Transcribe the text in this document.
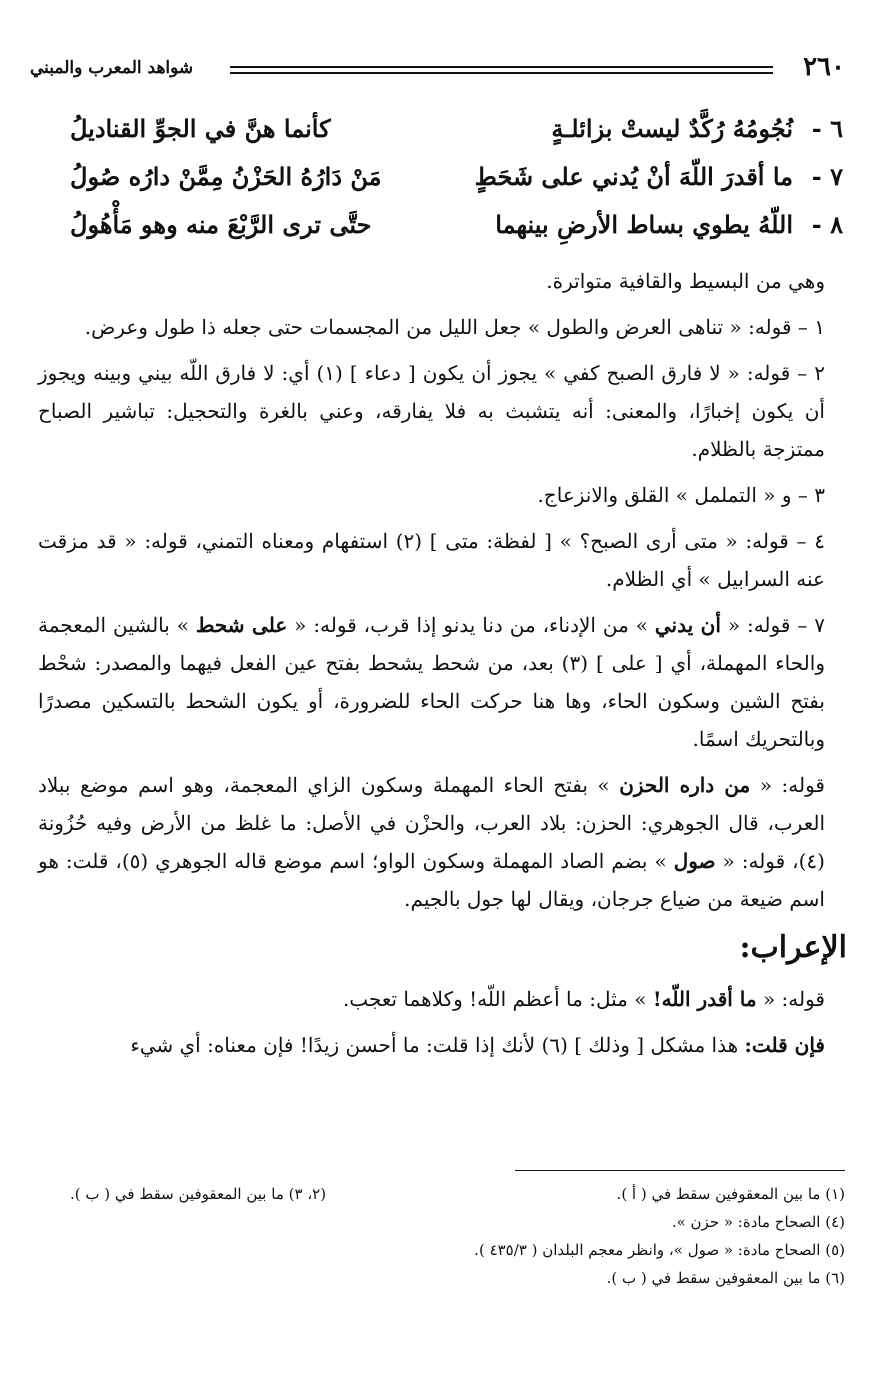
٢٦٠
شواهد المعرب والمبني
٦ -
نُجُومُهُ رُكَّدٌ ليستْ بزائلـةٍ
كأنما هنَّ في الجوِّ القناديلُ
٧ -
ما أقدرَ اللّهَ أنْ يُدني على شَحَطٍ
مَنْ دَارُهُ الحَزْنُ مِمَّنْ دارُه صُولُ
٨ -
اللّهُ يطوي بساط الأرضِ بينهما
حتَّى ترى الرَّبْعَ منه وهو مَأْهُولُ

وهي من البسيط والقافية متواترة.

١ – قوله: « تناهى العرض والطول » جعل الليل من المجسمات حتى جعله ذا طول وعرض.

٢ – قوله: « لا فارق الصبح كفي » يجوز أن يكون [ دعاء ] (١) أي: لا فارق اللّه بيني وبينه ويجوز أن يكون إخبارًا، والمعنى: أنه يتشبث به فلا يفارقه، وعني بالغرة والتحجيل: تباشير الصباح ممتزجة بالظلام.

٣ – و « التململ » القلق والانزعاج.

٤ – قوله: « متى أرى الصبح؟ » [ لفظة: متى ] (٢) استفهام ومعناه التمني، قوله: « قد مزقت عنه السرابيل » أي الظلام.

٧ – قوله: « أن يدني » من الإدناء، من دنا يدنو إذا قرب، قوله: « على شحط » بالشين المعجمة والحاء المهملة، أي [ على ] (٣) بعد، من شحط يشحط بفتح عين الفعل فيهما والمصدر: شحْط بفتح الشين وسكون الحاء، وها هنا حركت الحاء للضرورة، أو يكون الشحط بالتسكين مصدرًا وبالتحريك اسمًا.

قوله: « من داره الحزن » بفتح الحاء المهملة وسكون الزاي المعجمة، وهو اسم موضع ببلاد العرب، قال الجوهري: الحزن: بلاد العرب، والحزْن في الأصل: ما غلظ من الأرض وفيه حُزُونة (٤)، قوله: « صول » بضم الصاد المهملة وسكون الواو؛ اسم موضع قاله الجوهري (٥)، قلت: هو اسم ضيعة من ضياع جرجان، ويقال لها جول بالجيم.

الإعراب:

قوله: « ما أقدر اللّه! » مثل: ما أعظم اللّه! وكلاهما تعجب.

فإن قلت: هذا مشكل [ وذلك ] (٦) لأنك إذا قلت: ما أحسن زيدًا! فإن معناه: أي شيء

(١) ما بين المعقوفين سقط في ( أ ).
(٢، ٣) ما بين المعقوفين سقط في ( ب ).
(٤) الصحاح مادة: « حزن ».
(٥) الصحاح مادة: « صول »، وانظر معجم البلدان ( ٤٣٥/٣ ).
(٦) ما بين المعقوفين سقط في ( ب ).
